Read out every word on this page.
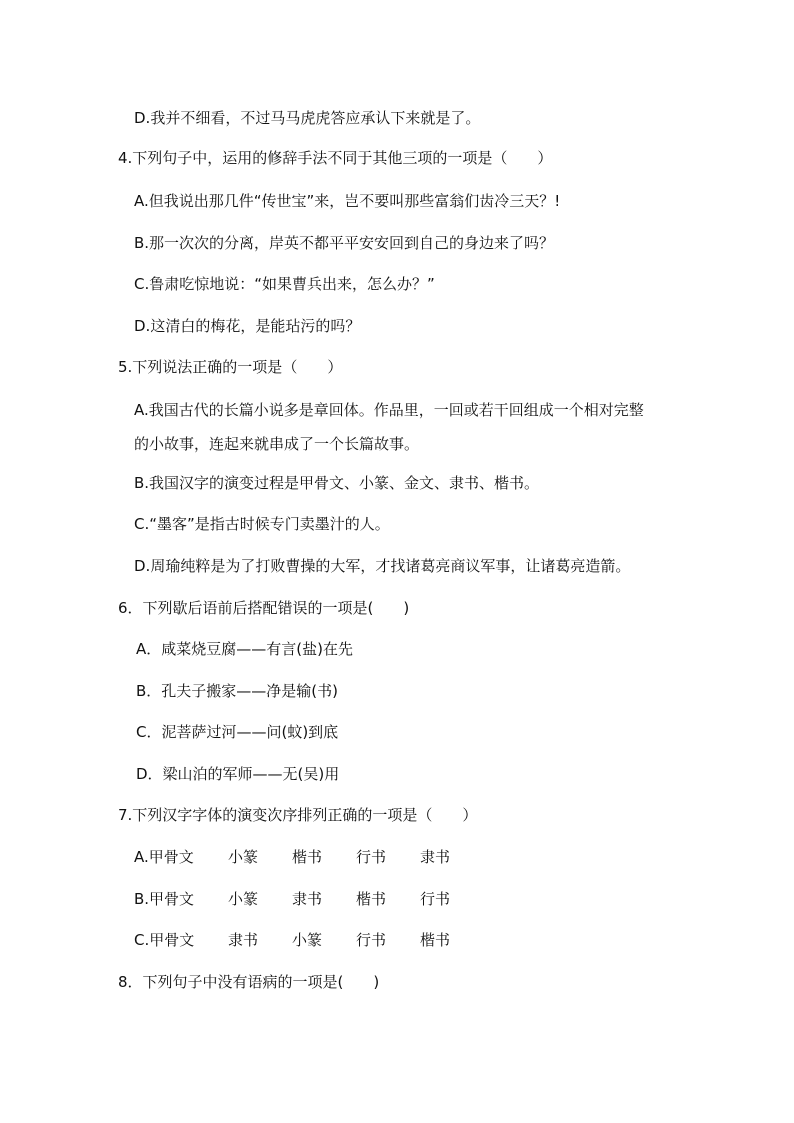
D.我并不细看，不过马马虎虎答应承认下来就是了。
4.下列句子中，运用的修辞手法不同于其他三项的一项是（　　）
A.但我说出那几件“传世宝”来，岂不要叫那些富翁们齿冷三天？!
B.那一次次的分离，岸英不都平平安安回到自己的身边来了吗？
C.鲁肃吃惊地说：“如果曹兵出来，怎么办？”
D.这清白的梅花，是能玷污的吗？
5.下列说法正确的一项是（　　）
A.我国古代的长篇小说多是章回体。作品里，一回或若干回组成一个相对完整
的小故事，连起来就串成了一个长篇故事。
B.我国汉字的演变过程是甲骨文、小篆、金文、隶书、楷书。
C.“墨客”是指古时候专门卖墨汁的人。
D.周瑜纯粹是为了打败曹操的大军，才找诸葛亮商议军事，让诸葛亮造箭。
6．下列歇后语前后搭配错误的一项是(　　)
A．咸菜烧豆腐——有言(盐)在先
B．孔夫子搬家——净是输(书)
C．泥菩萨过河——问(蚊)到底
D．梁山泊的军师——无(吴)用
7.下列汉字字体的演变次序排列正确的一项是（　　）
A.甲骨文 小篆 楷书 行书 隶书
B.甲骨文 小篆 隶书 楷书 行书
C.甲骨文 隶书 小篆 行书 楷书
8．下列句子中没有语病的一项是(　　)
